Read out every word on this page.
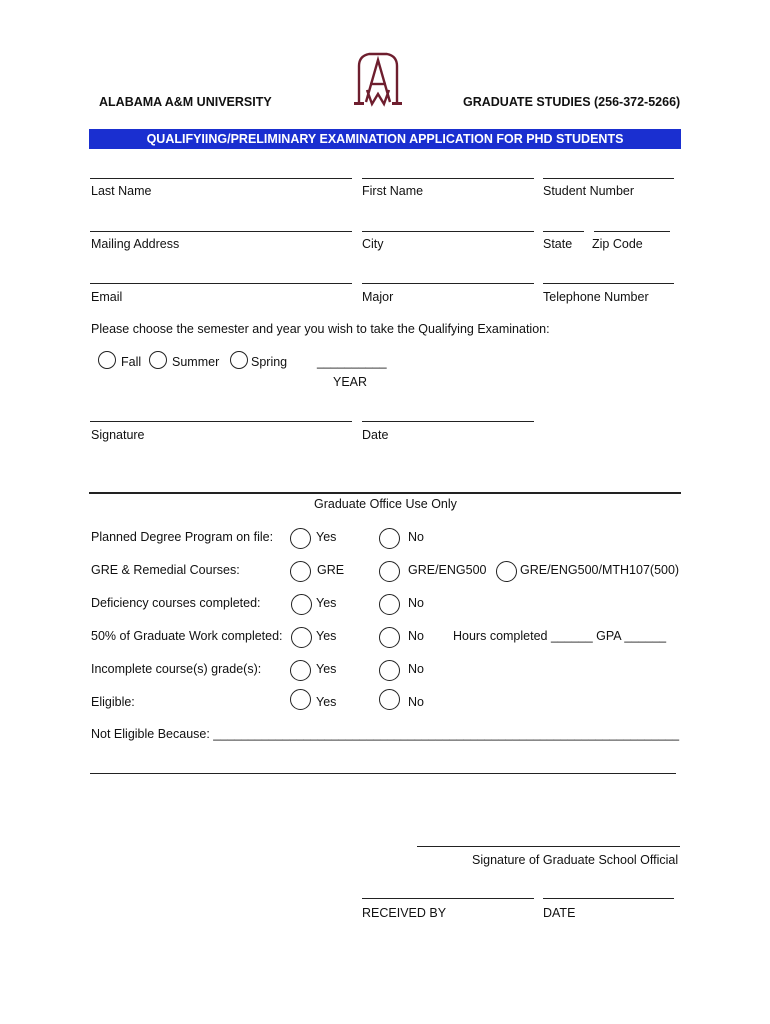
ALABAMA A&M UNIVERSITY	GRADUATE STUDIES (256-372-5266)
QUALIFYIING/PRELIMINARY EXAMINATION APPLICATION FOR PHD STUDENTS
Last Name	First Name	Student Number
Mailing Address	City	State Zip Code
Email	Major	Telephone Number
Please choose the semester and year you wish to take the Qualifying Examination:
Fall Summer	Spring __________
YEAR
Signature	Date
Graduate Office Use Only
Planned Degree Program on file:	Yes	No
GRE & Remedial Courses:	GRE	GRE/ENG500	GRE/ENG500/MTH107(500)
Deficiency courses completed:	Yes	No
50% of Graduate Work completed:	Yes	No Hours completed ______ GPA ______
Incomplete course(s) grade(s):	Yes	No
Eligible:	Yes	No
Not Eligible Because: ___________________________________________________________________
Signature of Graduate School Official
RECEIVED BY	DATE
